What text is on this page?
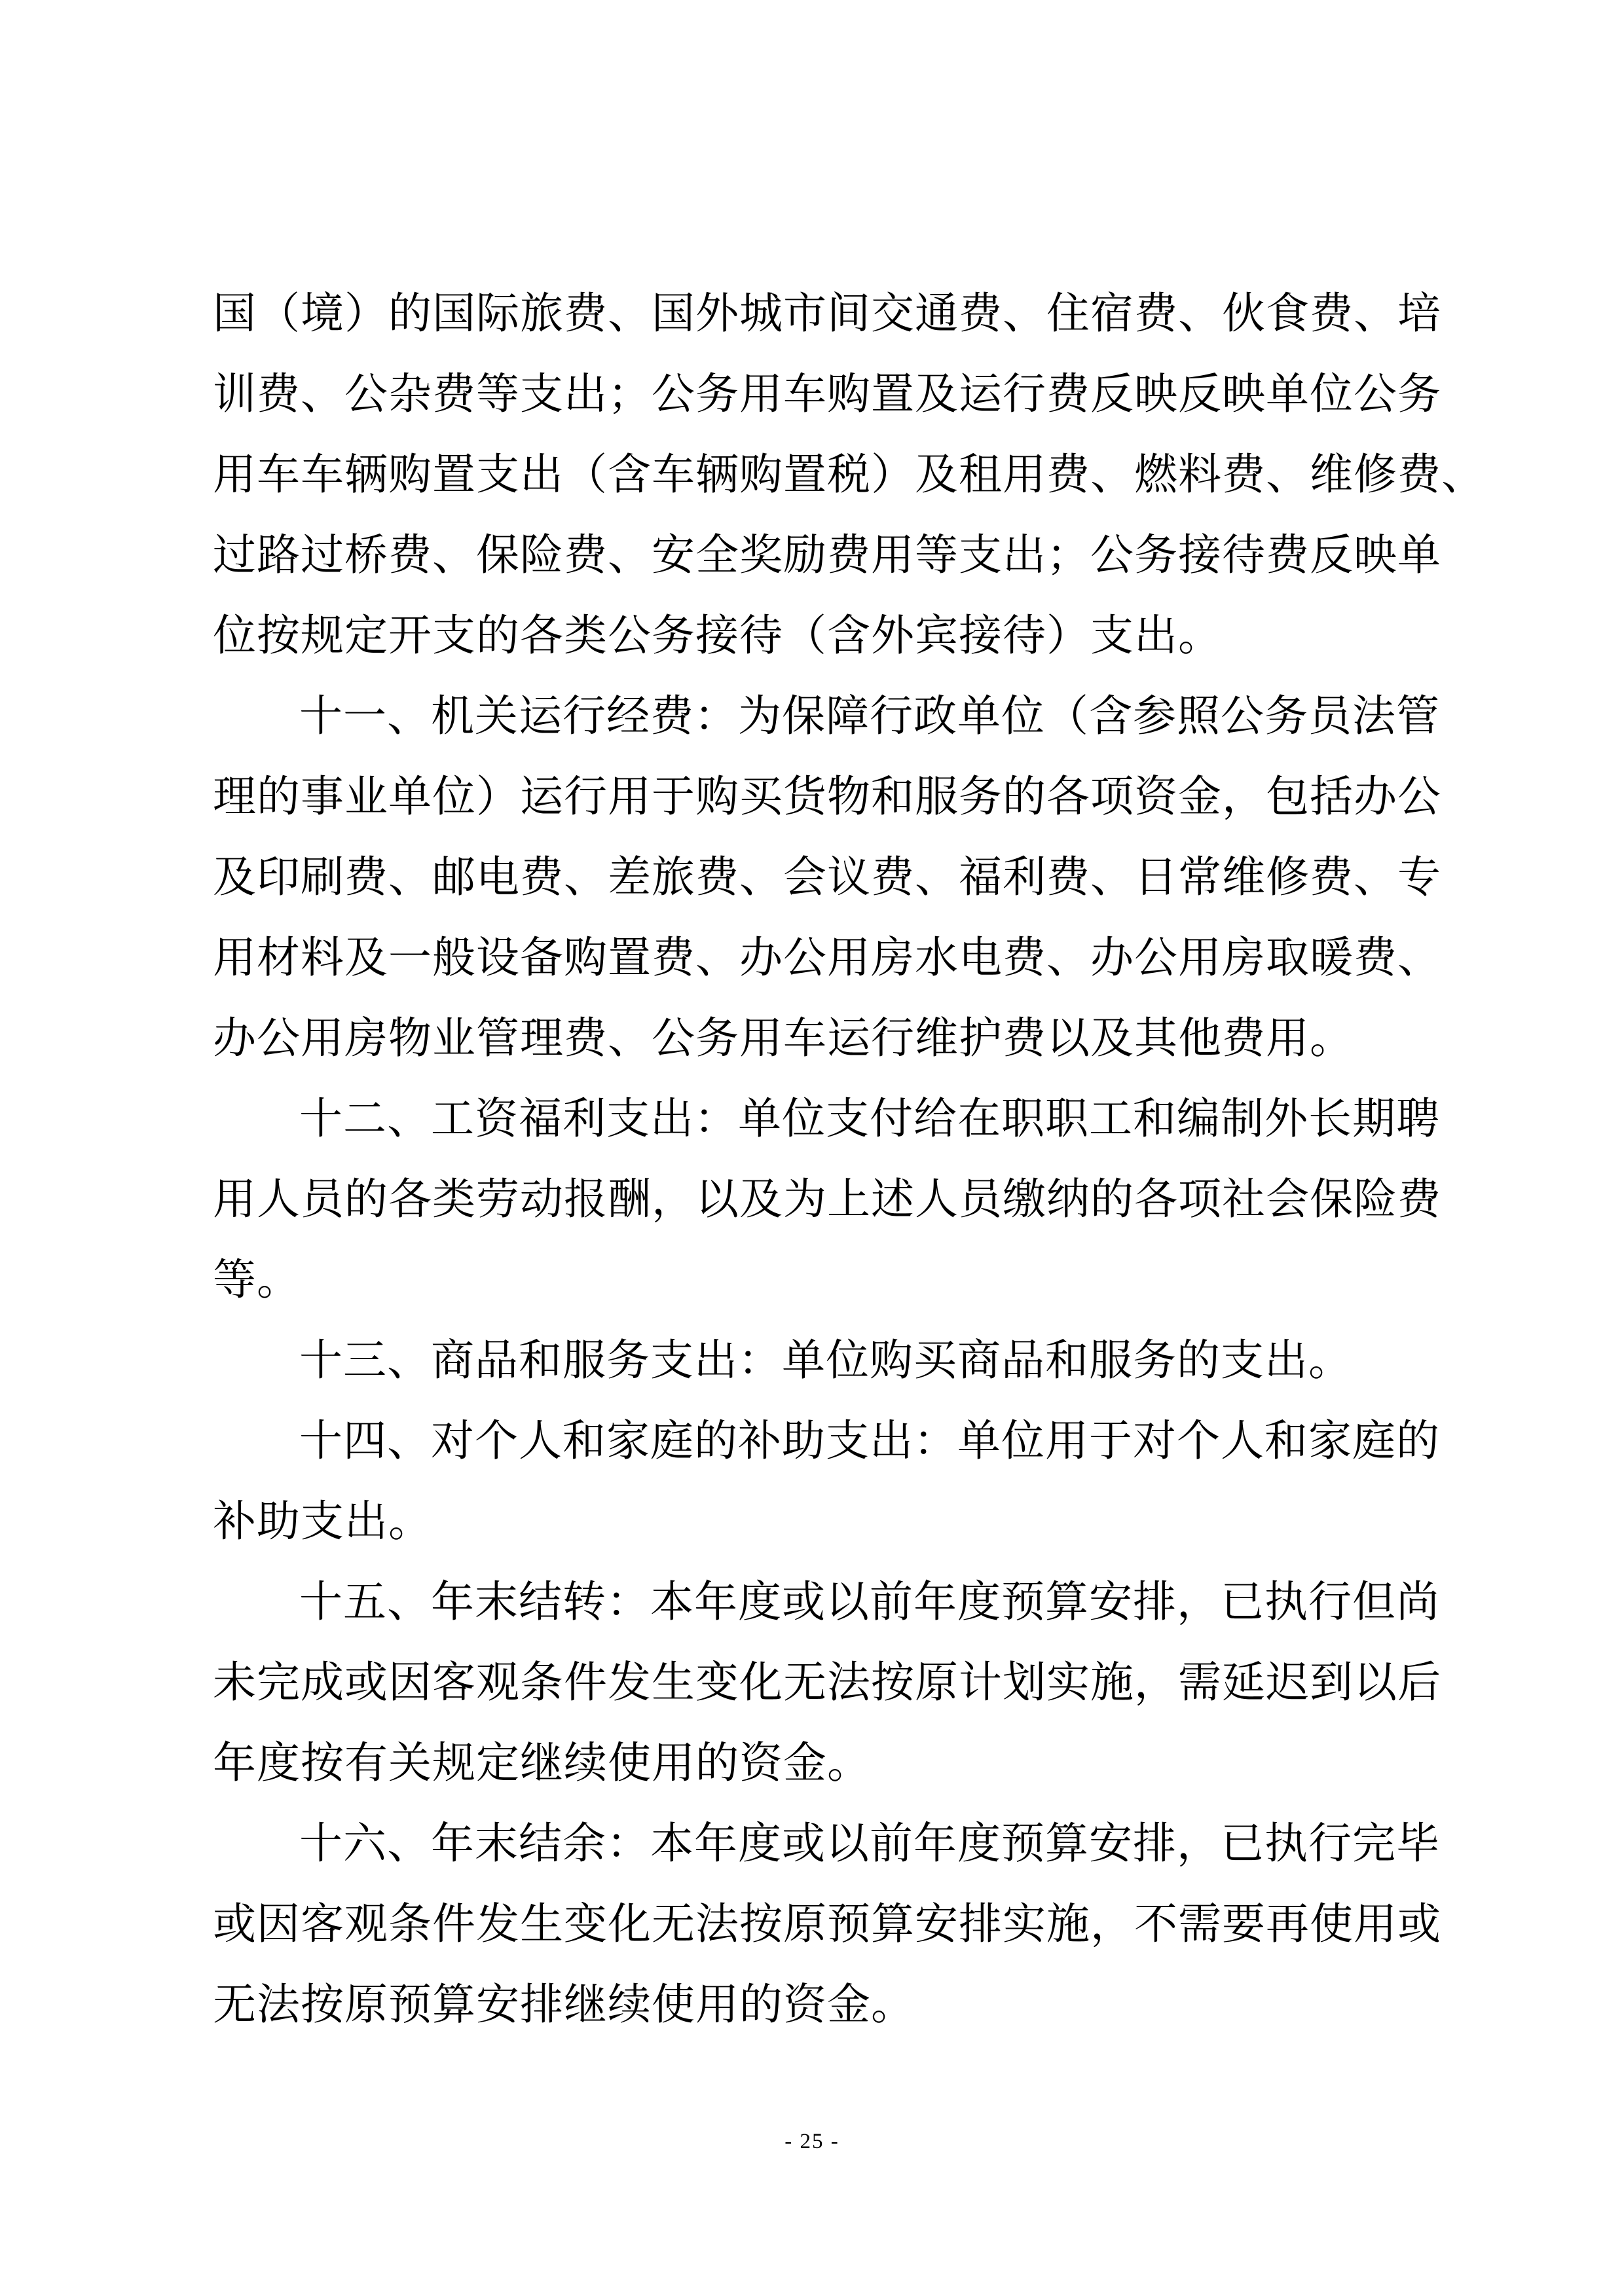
国（境）的国际旅费、国外城市间交通费、住宿费、伙食费、培
训费、公杂费等支出；公务用车购置及运行费反映反映单位公务
用车车辆购置支出（含车辆购置税）及租用费、燃料费、维修费、
过路过桥费、保险费、安全奖励费用等支出；公务接待费反映单
位按规定开支的各类公务接待（含外宾接待）支出。
十一、机关运行经费：为保障行政单位（含参照公务员法管
理的事业单位）运行用于购买货物和服务的各项资金，包括办公
及印刷费、邮电费、差旅费、会议费、福利费、日常维修费、专
用材料及一般设备购置费、办公用房水电费、办公用房取暖费、
办公用房物业管理费、公务用车运行维护费以及其他费用。
十二、工资福利支出：单位支付给在职职工和编制外长期聘
用人员的各类劳动报酬，以及为上述人员缴纳的各项社会保险费
等。
十三、商品和服务支出：单位购买商品和服务的支出。
十四、对个人和家庭的补助支出：单位用于对个人和家庭的
补助支出。
十五、年末结转：本年度或以前年度预算安排，已执行但尚
未完成或因客观条件发生变化无法按原计划实施，需延迟到以后
年度按有关规定继续使用的资金。
十六、年末结余：本年度或以前年度预算安排，已执行完毕
或因客观条件发生变化无法按原预算安排实施，不需要再使用或
无法按原预算安排继续使用的资金。
- 25 -
